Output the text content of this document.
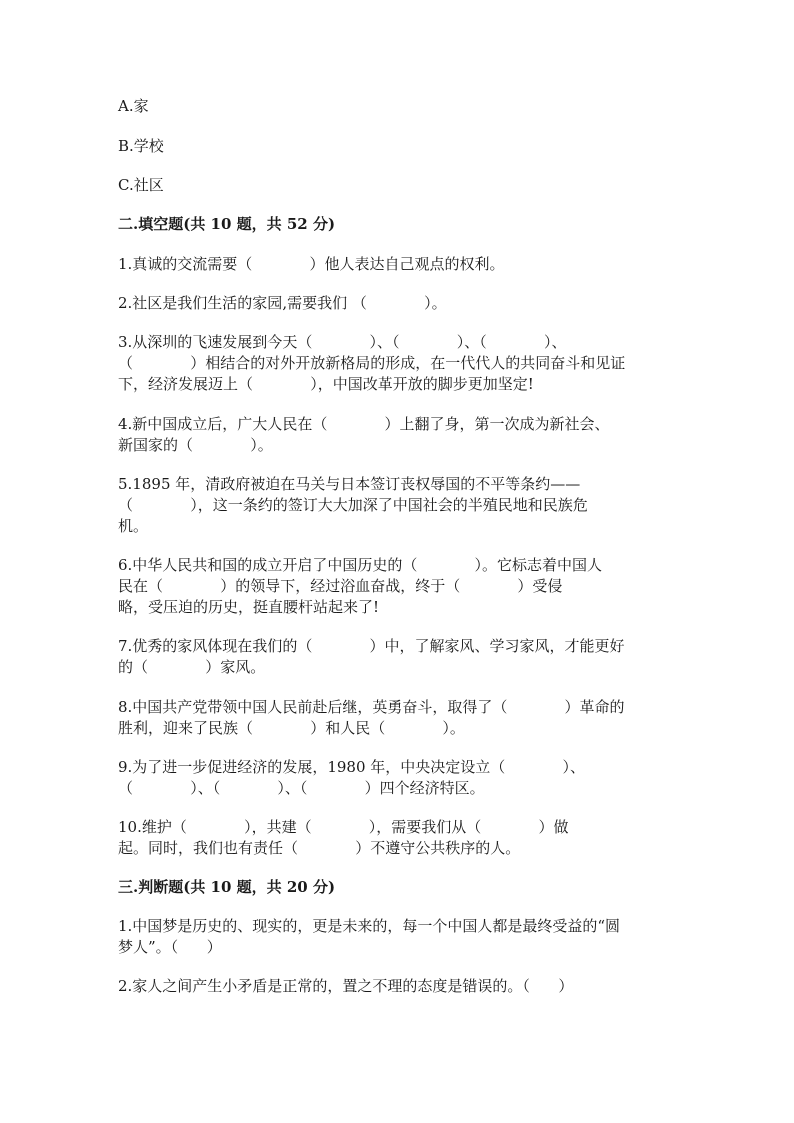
A.家
B.学校
C.社区
二.填空题(共 10 题，共 52 分)
1.真诚的交流需要（            ）他人表达自己观点的权利。
2.社区是我们生活的家园,需要我们 （            ）。
3.从深圳的飞速发展到今天（            ）、（            ）、（            ）、
（            ）相结合的对外开放新格局的形成，在一代代人的共同奋斗和见证
下，经济发展迈上（            ），中国改革开放的脚步更加坚定!
4.新中国成立后，广大人民在（            ）上翻了身，第一次成为新社会、
新国家的（            ）。
5.1895 年，清政府被迫在马关与日本签订丧权辱国的不平等条约——
（            ），这一条约的签订大大加深了中国社会的半殖民地和民族危
机。
6.中华人民共和国的成立开启了中国历史的（            ）。它标志着中国人
民在（            ）的领导下，经过浴血奋战，终于（            ）受侵
略，受压迫的历史，挺直腰杆站起来了!
7.优秀的家风体现在我们的（            ）中，了解家风、学习家风，才能更好
的（            ）家风。
8.中国共产党带领中国人民前赴后继，英勇奋斗，取得了（            ）革命的
胜利，迎来了民族（            ）和人民（            ）。
9.为了进一步促进经济的发展，1980 年，中央决定设立（            ）、
（            ）、（            ）、（            ）四个经济特区。
10.维护（            ），共建（            ），需要我们从（            ）做
起。同时，我们也有责任（            ）不遵守公共秩序的人。
三.判断题(共 10 题，共 20 分)
1.中国梦是历史的、现实的，更是未来的，每一个中国人都是最终受益的“圆
梦人”。（      ）
2.家人之间产生小矛盾是正常的，置之不理的态度是错误的。（      ）
